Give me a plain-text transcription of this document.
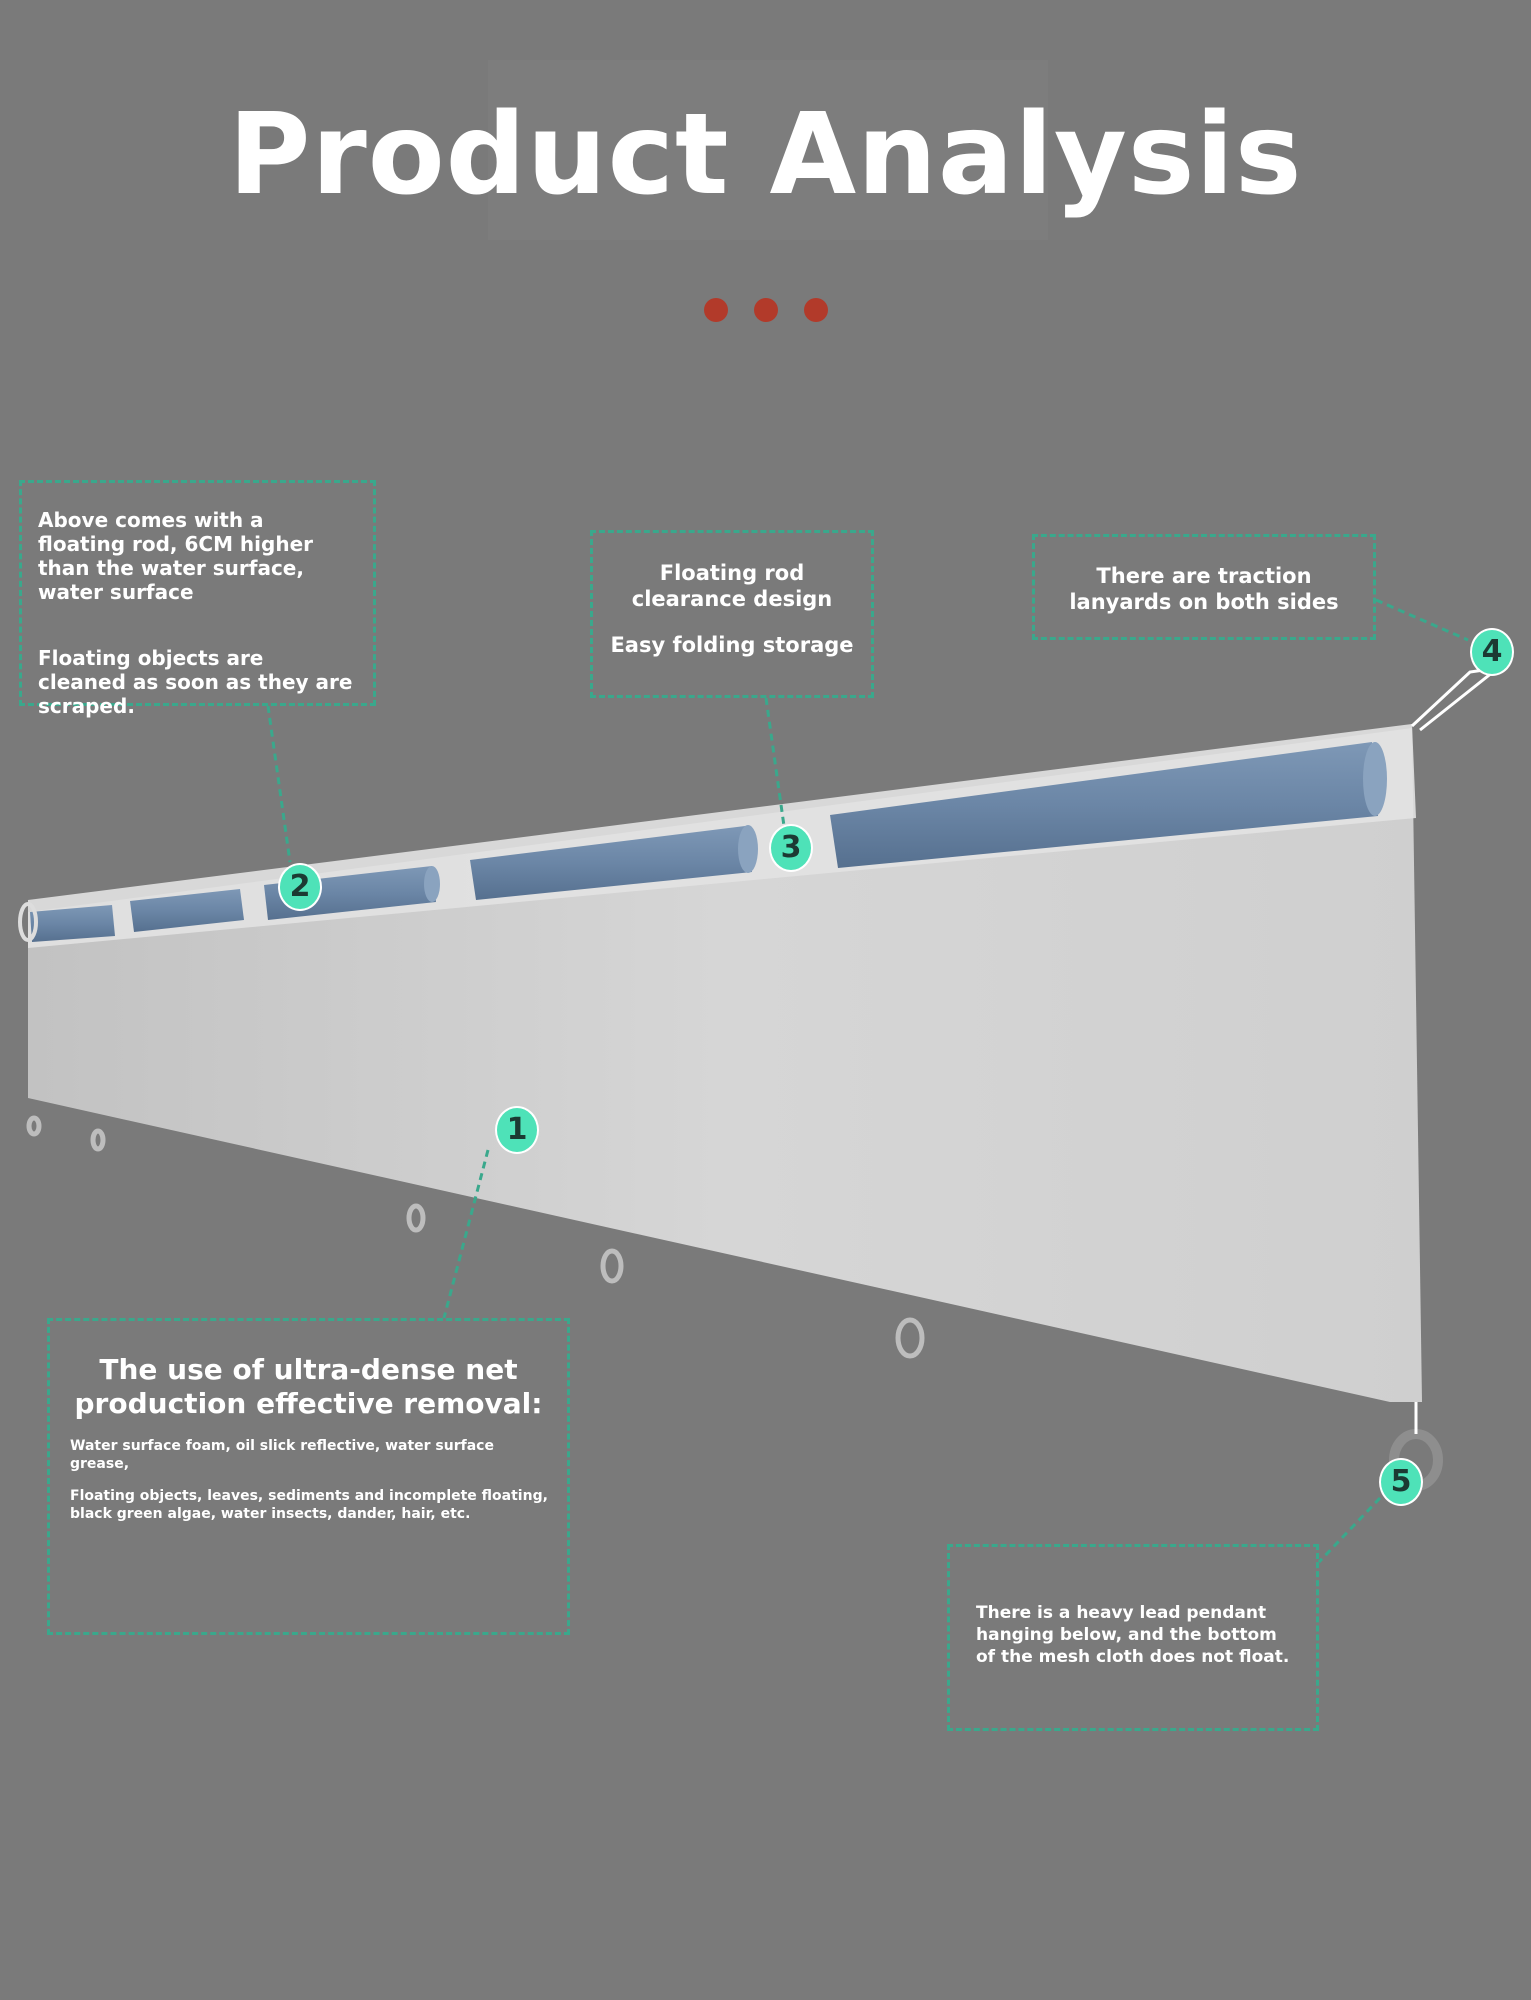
Product Analysis

Above comes with a floating rod, 6CM higher than the water surface, water surface

Floating objects are cleaned as soon as they are scraped.

Floating rod clearance design

Easy folding storage

There are traction lanyards on both sides

The use of ultra-dense net production effective removal:

Water surface foam, oil slick reflective, water surface grease,

Floating objects, leaves, sediments and incomplete floating, black green algae, water insects, dander, hair, etc.

There is a heavy lead pendant hanging below, and the bottom of the mesh cloth does not float.

1
2
3
4
5
